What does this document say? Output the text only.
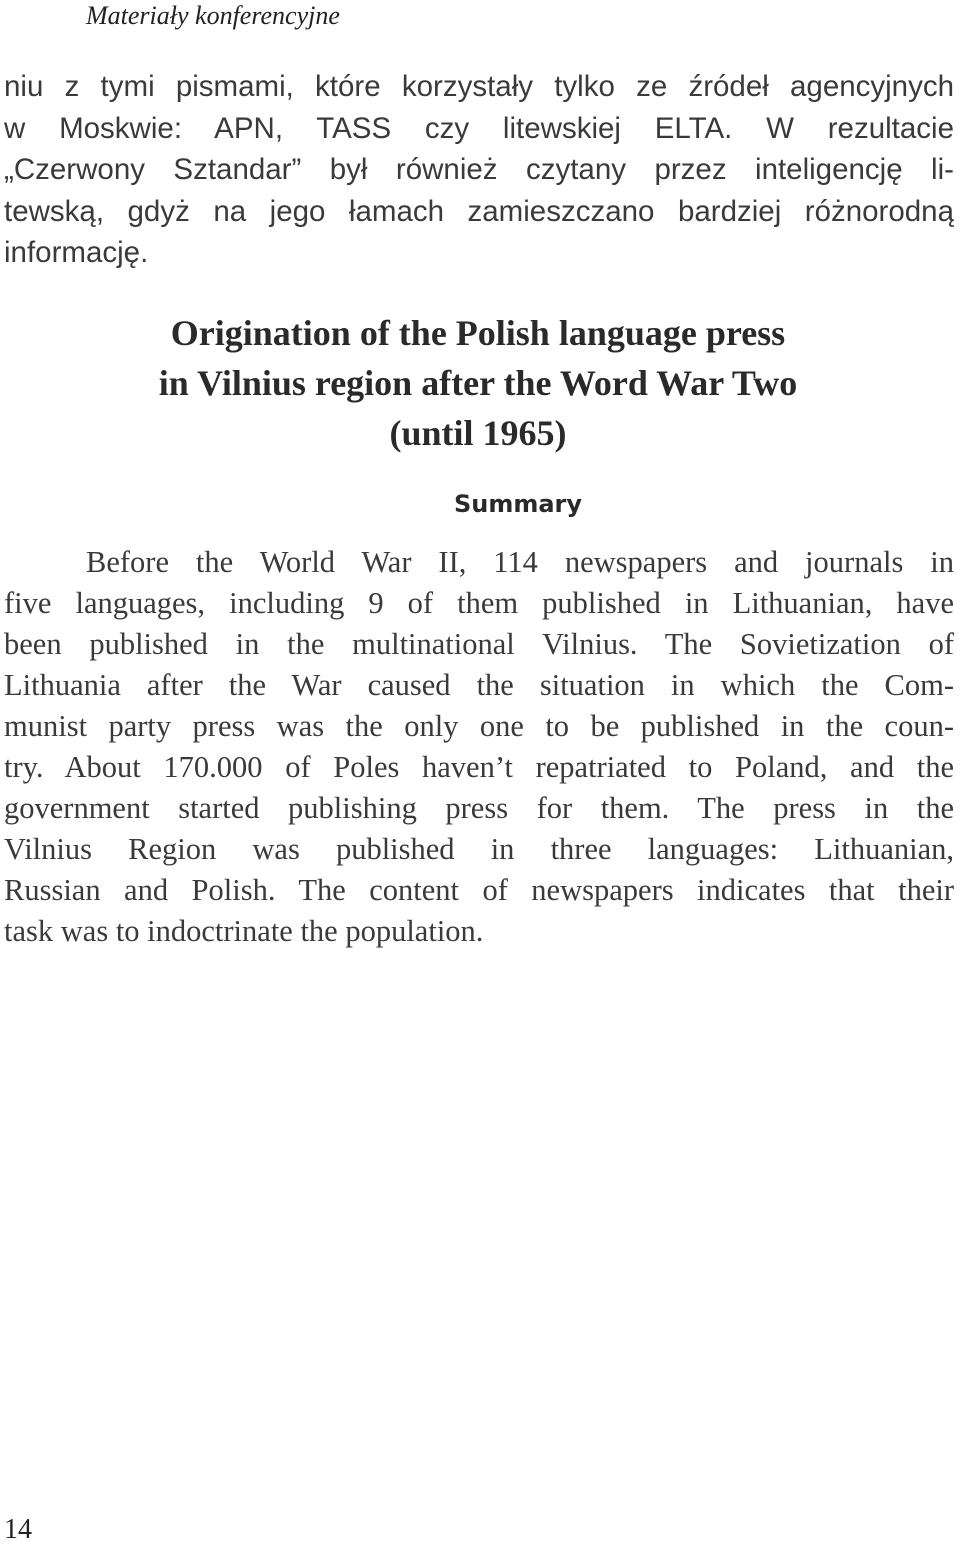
Materiały konferencyjne
niu z tymi pismami, które korzystały tylko ze źródeł agencyjnych
w Moskwie: APN, TASS czy litewskiej ELTA. W rezultacie
„Czerwony Sztandar” był również czytany przez inteligencję li-
tewską, gdyż na jego łamach zamieszczano bardziej różnorodną
informację.
Origination of the Polish language press
in Vilnius region after the Word War Two
(until 1965)
Summary
Before the World War II, 114 newspapers and journals in
five languages, including 9 of them published in Lithuanian, have
been published in the multinational Vilnius. The Sovietization of
Lithuania after the War caused the situation in which the Com-
munist party press was the only one to be published in the coun-
try. About 170.000 of Poles haven’t repatriated to Poland, and the
government started publishing press for them. The press in the
Vilnius Region was published in three languages: Lithuanian,
Russian and Polish. The content of newspapers indicates that their
task was to indoctrinate the population.
14
